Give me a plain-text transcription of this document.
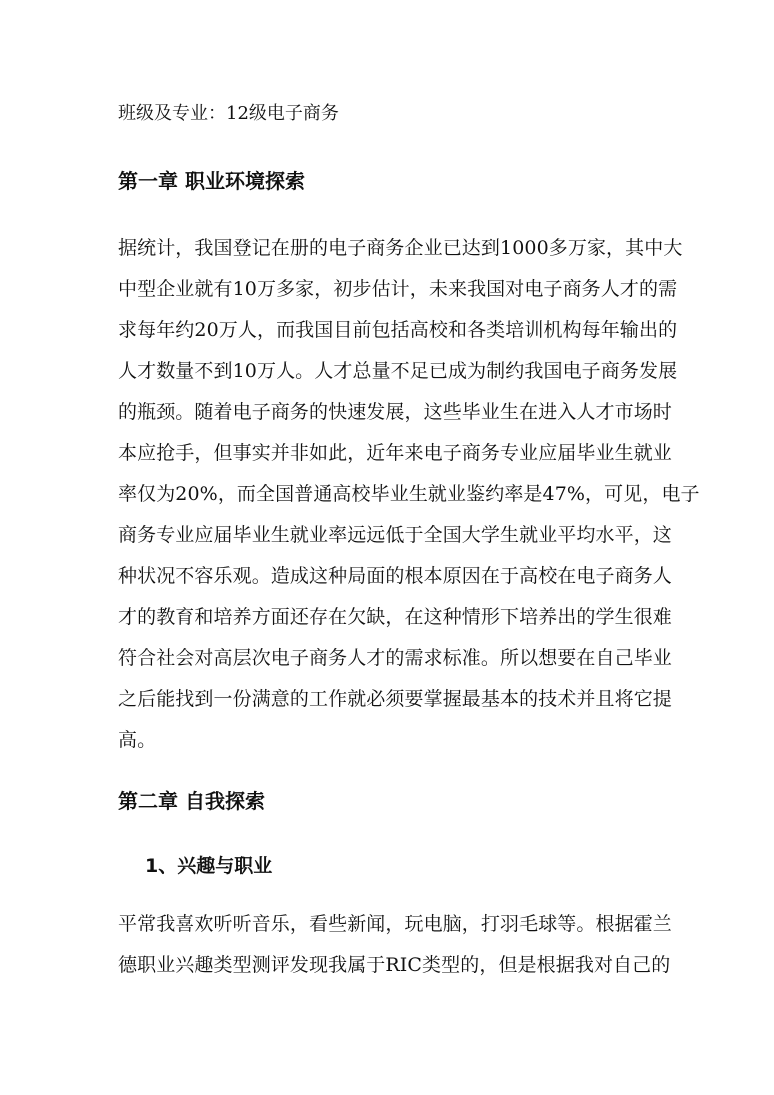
班级及专业：12级电子商务

第一章 职业环境探索
据统计，我国登记在册的电子商务企业已达到1000多万家，其中大
中型企业就有10万多家，初步估计，未来我国对电子商务人才的需
求每年约20万人，而我国目前包括高校和各类培训机构每年输出的
人才数量不到10万人。人才总量不足已成为制约我国电子商务发展
的瓶颈。随着电子商务的快速发展，这些毕业生在进入人才市场时
本应抢手，但事实并非如此，近年来电子商务专业应届毕业生就业
率仅为20%，而全国普通高校毕业生就业鉴约率是47%，可见，电子
商务专业应届毕业生就业率远远低于全国大学生就业平均水平，这
种状况不容乐观。造成这种局面的根本原因在于高校在电子商务人
才的教育和培养方面还存在欠缺，在这种情形下培养出的学生很难
符合社会对高层次电子商务人才的需求标准。所以想要在自己毕业
之后能找到一份满意的工作就必须要掌握最基本的技术并且将它提
高。
第二章 自我探索
1、兴趣与职业
平常我喜欢听听音乐，看些新闻，玩电脑，打羽毛球等。根据霍兰
德职业兴趣类型测评发现我属于RIC类型的，但是根据我对自己的
